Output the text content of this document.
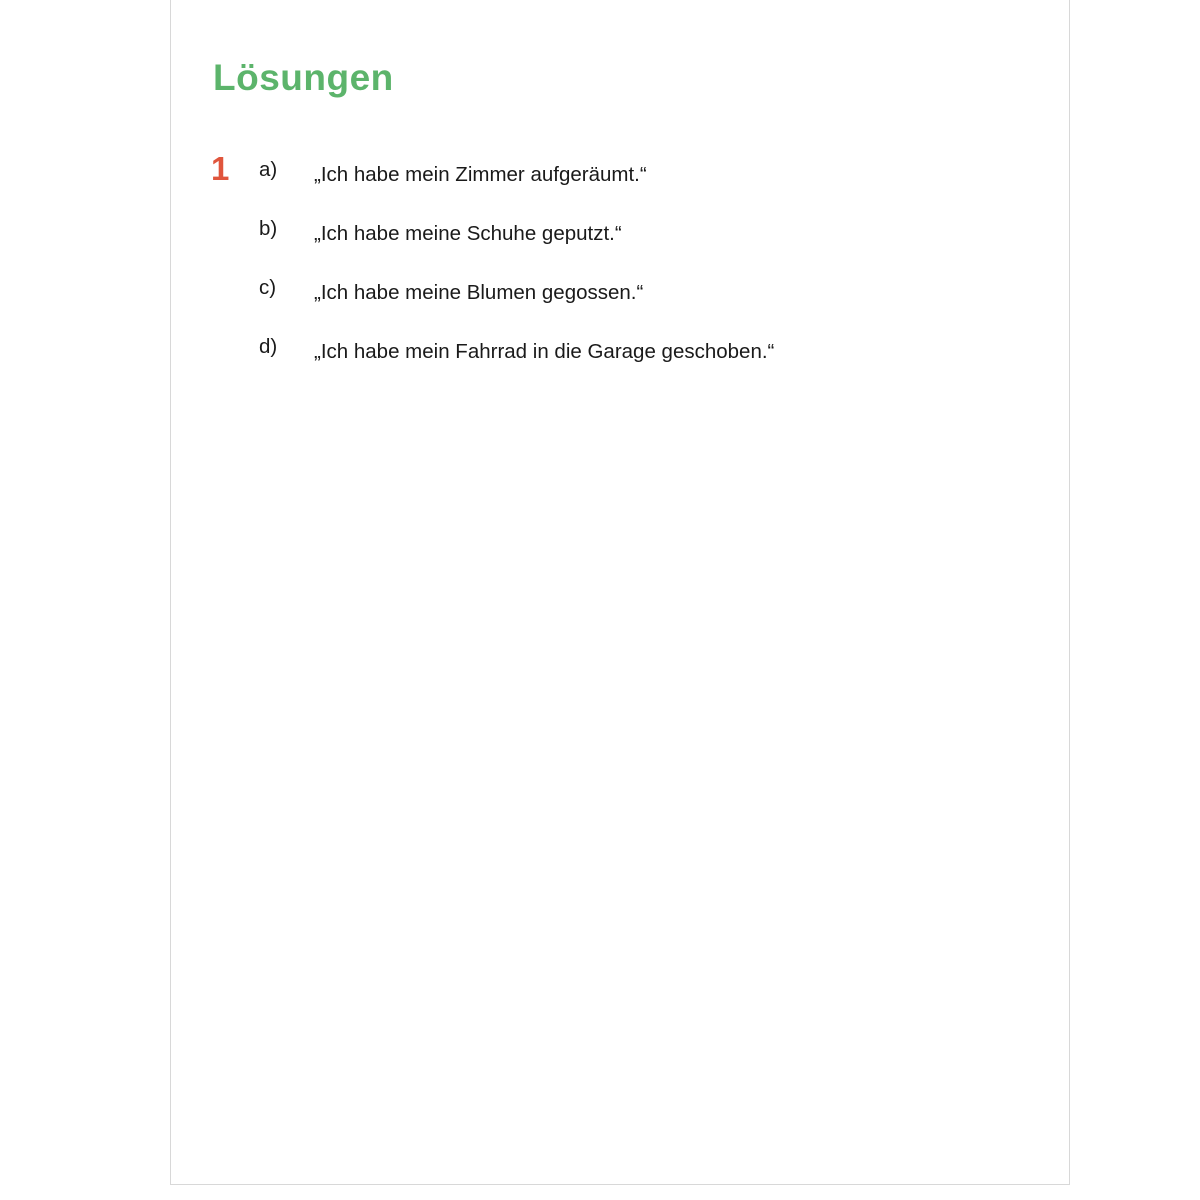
Lösungen
1	a)	„Ich habe mein Zimmer aufgeräumt.“
b)	„Ich habe meine Schuhe geputzt.“
c)	„Ich habe meine Blumen gegossen.“
d)	„Ich habe mein Fahrrad in die Garage geschoben.“
